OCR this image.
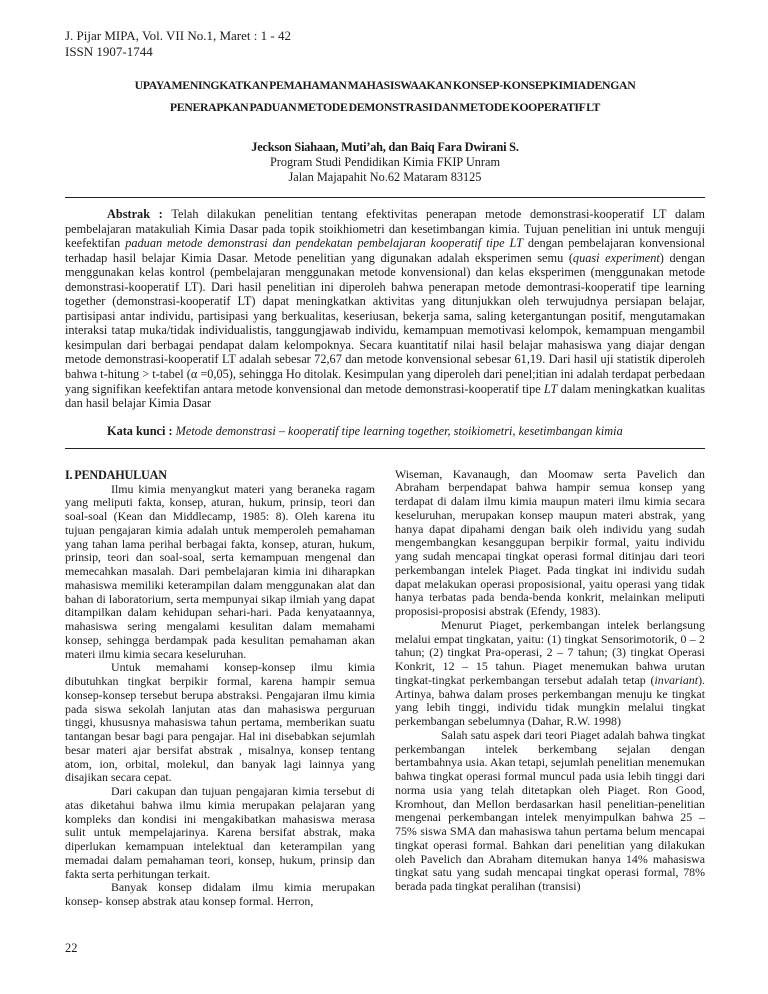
J. Pijar MIPA, Vol. VII No.1, Maret : 1 - 42
ISSN 1907-1744
UPAYA MENINGKATKAN PEMAHAMAN MAHASISWA AKAN KONSEP-KONSEP KIMIA DENGAN
PENERAPKAN PADUAN METODE DEMONSTRASI DAN METODE KOOPERATIF LT
Jeckson Siahaan, Muti’ah, dan Baiq Fara Dwirani S.
Program Studi Pendidikan Kimia FKIP Unram
Jalan Majapahit No.62 Mataram 83125
Abstrak : Telah dilakukan penelitian tentang efektivitas penerapan metode demonstrasi-kooperatif LT dalam pembelajaran matakuliah Kimia Dasar pada topik stoikhiometri dan kesetimbangan kimia. Tujuan penelitian ini untuk menguji keefektifan paduan metode demonstrasi dan pendekatan pembelajaran kooperatif tipe LT dengan pembelajaran konvensional terhadap hasil belajar Kimia Dasar. Metode penelitian yang digunakan adalah eksperimen semu (quasi experiment) dengan menggunakan kelas kontrol (pembelajaran menggunakan metode konvensional) dan kelas eksperimen (menggunakan metode demonstrasi-kooperatif LT). Dari hasil penelitian ini diperoleh bahwa penerapan metode demontrasi-kooperatif tipe learning together (demonstrasi-kooperatif LT) dapat meningkatkan aktivitas yang ditunjukkan oleh terwujudnya persiapan belajar, partisipasi antar individu, partisipasi yang berkualitas, keseriusan, bekerja sama, saling ketergantungan positif, mengutamakan interaksi tatap muka/tidak individualistis, tanggungjawab individu, kemampuan memotivasi kelompok, kemampuan mengambil kesimpulan dari berbagai pendapat dalam kelompoknya. Secara kuantitatif nilai hasil belajar mahasiswa yang diajar dengan metode demonstrasi-kooperatif LT adalah sebesar 72,67 dan metode konvensional sebesar 61,19. Dari hasil uji statistik diperoleh bahwa t-hitung > t-tabel (α =0,05), sehingga Ho ditolak. Kesimpulan yang diperoleh dari penel;itian ini adalah terdapat perbedaan yang signifikan keefektifan antara metode konvensional dan metode demonstrasi-kooperatif tipe LT dalam meningkatkan kualitas dan hasil belajar Kimia Dasar
Kata kunci : Metode demonstrasi – kooperatif tipe learning together, stoikiometri, kesetimbangan kimia
I. PENDAHULUAN

Ilmu kimia menyangkut materi yang beraneka ragam yang meliputi fakta, konsep, aturan, hukum, prinsip, teori dan soal-soal (Kean dan Middlecamp, 1985: 8). Oleh karena itu tujuan pengajaran kimia adalah untuk memperoleh pemahaman yang tahan lama perihal berbagai fakta, konsep, aturan, hukum, prinsip, teori dan soal-soal, serta kemampuan mengenal dan memecahkan masalah. Dari pembelajaran kimia ini diharapkan mahasiswa memiliki keterampilan dalam menggunakan alat dan bahan di laboratorium, serta mempunyai sikap ilmiah yang dapat ditampilkan dalam kehidupan sehari-hari. Pada kenyataannya, mahasiswa sering mengalami kesulitan dalam memahami konsep, sehingga berdampak pada kesulitan pemahaman akan materi ilmu kimia secara keseluruhan.

Untuk memahami konsep-konsep ilmu kimia dibutuhkan tingkat berpikir formal, karena hampir semua konsep-konsep tersebut berupa abstraksi. Pengajaran ilmu kimia pada siswa sekolah lanjutan atas dan mahasiswa perguruan tinggi, khususnya mahasiswa tahun pertama, memberikan suatu tantangan besar bagi para pengajar. Hal ini disebabkan sejumlah besar materi ajar bersifat abstrak , misalnya, konsep tentang atom, ion, orbital, molekul, dan banyak lagi lainnya yang disajikan secara cepat.

Dari cakupan dan tujuan pengajaran kimia tersebut di atas diketahui bahwa ilmu kimia merupakan pelajaran yang kompleks dan kondisi ini mengakibatkan mahasiswa merasa sulit untuk mempelajarinya. Karena bersifat abstrak, maka diperlukan kemampuan intelektual dan keterampilan yang memadai dalam pemahaman teori, konsep, hukum, prinsip dan fakta serta perhitungan terkait.

Banyak konsep didalam ilmu kimia merupakan konsep- konsep abstrak atau konsep formal. Herron,

Wiseman, Kavanaugh, dan Moomaw serta Pavelich dan Abraham berpendapat bahwa hampir semua konsep yang terdapat di dalam ilmu kimia maupun materi ilmu kimia secara keseluruhan, merupakan konsep maupun materi abstrak, yang hanya dapat dipahami dengan baik oleh individu yang sudah mengembangkan kesanggupan berpikir formal, yaitu individu yang sudah mencapai tingkat operasi formal ditinjau dari teori perkembangan intelek Piaget. Pada tingkat ini individu sudah dapat melakukan operasi proposisional, yaitu operasi yang tidak hanya terbatas pada benda-benda konkrit, melainkan meliputi proposisi-proposisi abstrak (Efendy, 1983).

Menurut Piaget, perkembangan intelek berlangsung melalui empat tingkatan, yaitu: (1) tingkat Sensorimotorik, 0 – 2 tahun; (2) tingkat Pra-operasi, 2 – 7 tahun; (3) tingkat Operasi Konkrit, 12 – 15 tahun. Piaget menemukan bahwa urutan tingkat-tingkat perkembangan tersebut adalah tetap (invariant). Artinya, bahwa dalam proses perkembangan menuju ke tingkat yang lebih tinggi, individu tidak mungkin melalui tingkat perkembangan sebelumnya (Dahar, R.W. 1998)

Salah satu aspek dari teori Piaget adalah bahwa tingkat perkembangan intelek berkembang sejalan dengan bertambahnya usia. Akan tetapi, sejumlah penelitian menemukan bahwa tingkat operasi formal muncul pada usia lebih tinggi dari norma usia yang telah ditetapkan oleh Piaget. Ron Good, Kromhout, dan Mellon berdasarkan hasil penelitian-penelitian mengenai perkembangan intelek menyimpulkan bahwa 25 – 75% siswa SMA dan mahasiswa tahun pertama belum mencapai tingkat operasi formal. Bahkan dari penelitian yang dilakukan oleh Pavelich dan Abraham ditemukan hanya 14% mahasiswa tingkat satu yang sudah mencapai tingkat operasi formal, 78% berada pada tingkat peralihan (transisi)

22
